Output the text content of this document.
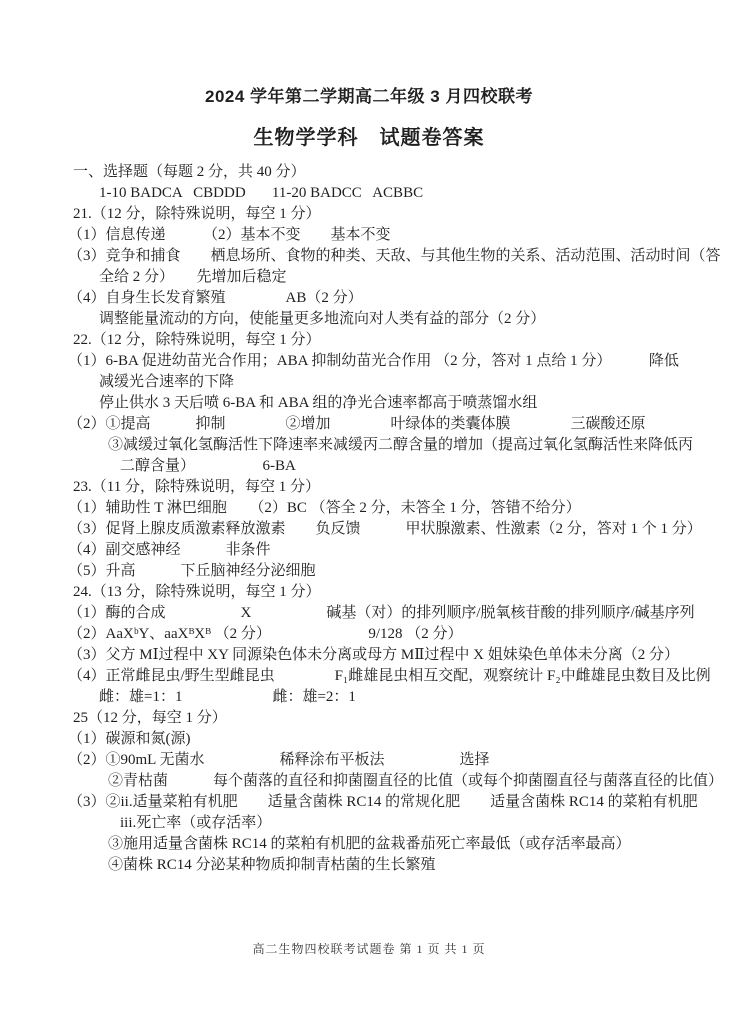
2024 学年第二学期高二年级 3 月四校联考
生物学学科　试题卷答案
一、选择题（每题 2 分，共 40 分）
1-10 BADCA   CBDDD       11-20 BADCC   ACBBC
21.（12 分，除特殊说明，每空 1 分）
（1）信息传递　　　（2）基本不变　　基本不变
（3）竞争和捕食　　栖息场所、食物的种类、天敌、与其他生物的关系、活动范围、活动时间（答
全给 2 分）　　先增加后稳定
（4）自身生长发育繁殖　　　　AB（2 分）
调整能量流动的方向，使能量更多地流向对人类有益的部分（2 分）
22.（12 分，除特殊说明，每空 1 分）
（1）6-BA 促进幼苗光合作用；ABA 抑制幼苗光合作用 （2 分，答对 1 点给 1 分）　　　降低
减缓光合速率的下降
停止供水 3 天后喷 6-BA 和 ABA 组的净光合速率都高于喷蒸馏水组
（2）①提高　　　抑制　　　　②增加　　　　叶绿体的类囊体膜　　　　三碳酸还原
③减缓过氧化氢酶活性下降速率来减缓丙二醇含量的增加（提高过氧化氢酶活性来降低丙
二醇含量）　　　　　6-BA
23.（11 分，除特殊说明，每空 1 分）
（1）辅助性 T 淋巴细胞　　（2）BC （答全 2 分，未答全 1 分，答错不给分）
（3）促肾上腺皮质激素释放激素　　负反馈　　　甲状腺激素、性激素（2 分，答对 1 个 1 分）
（4）副交感神经　　　非条件
（5）升高　　　下丘脑神经分泌细胞
24.（13 分，除特殊说明，每空 1 分）
（1）酶的合成　　　　　X　　　　　碱基（对）的排列顺序/脱氧核苷酸的排列顺序/碱基序列
（2）AaXᵇY、aaXᴮXᴮ （2 分）　　　　　　　9/128 （2 分）
（3）父方 MⅠ过程中 XY 同源染色体未分离或母方 MⅡ过程中 X 姐妹染色单体未分离（2 分）
（4）正常雌昆虫/野生型雌昆虫　　　　F₁雌雄昆虫相互交配，观察统计 F₂中雌雄昆虫数目及比例
雌：雄=1：1　　　　　　雌：雄=2：1
25（12 分，每空 1 分）
（1）碳源和氮(源)
（2）①90mL 无菌水　　　　　稀释涂布平板法　　　　　选择
②青枯菌　　　每个菌落的直径和抑菌圈直径的比值（或每个抑菌圈直径与菌落直径的比值）
（3）②ii.适量菜粕有机肥　　适量含菌株 RC14 的常规化肥　　适量含菌株 RC14 的菜粕有机肥
iii.死亡率（或存活率）
③施用适量含菌株 RC14 的菜粕有机肥的盆栽番茄死亡率最低（或存活率最高）
④菌株 RC14 分泌某种物质抑制青枯菌的生长繁殖
高二生物四校联考试题卷 第 1 页 共 1 页
